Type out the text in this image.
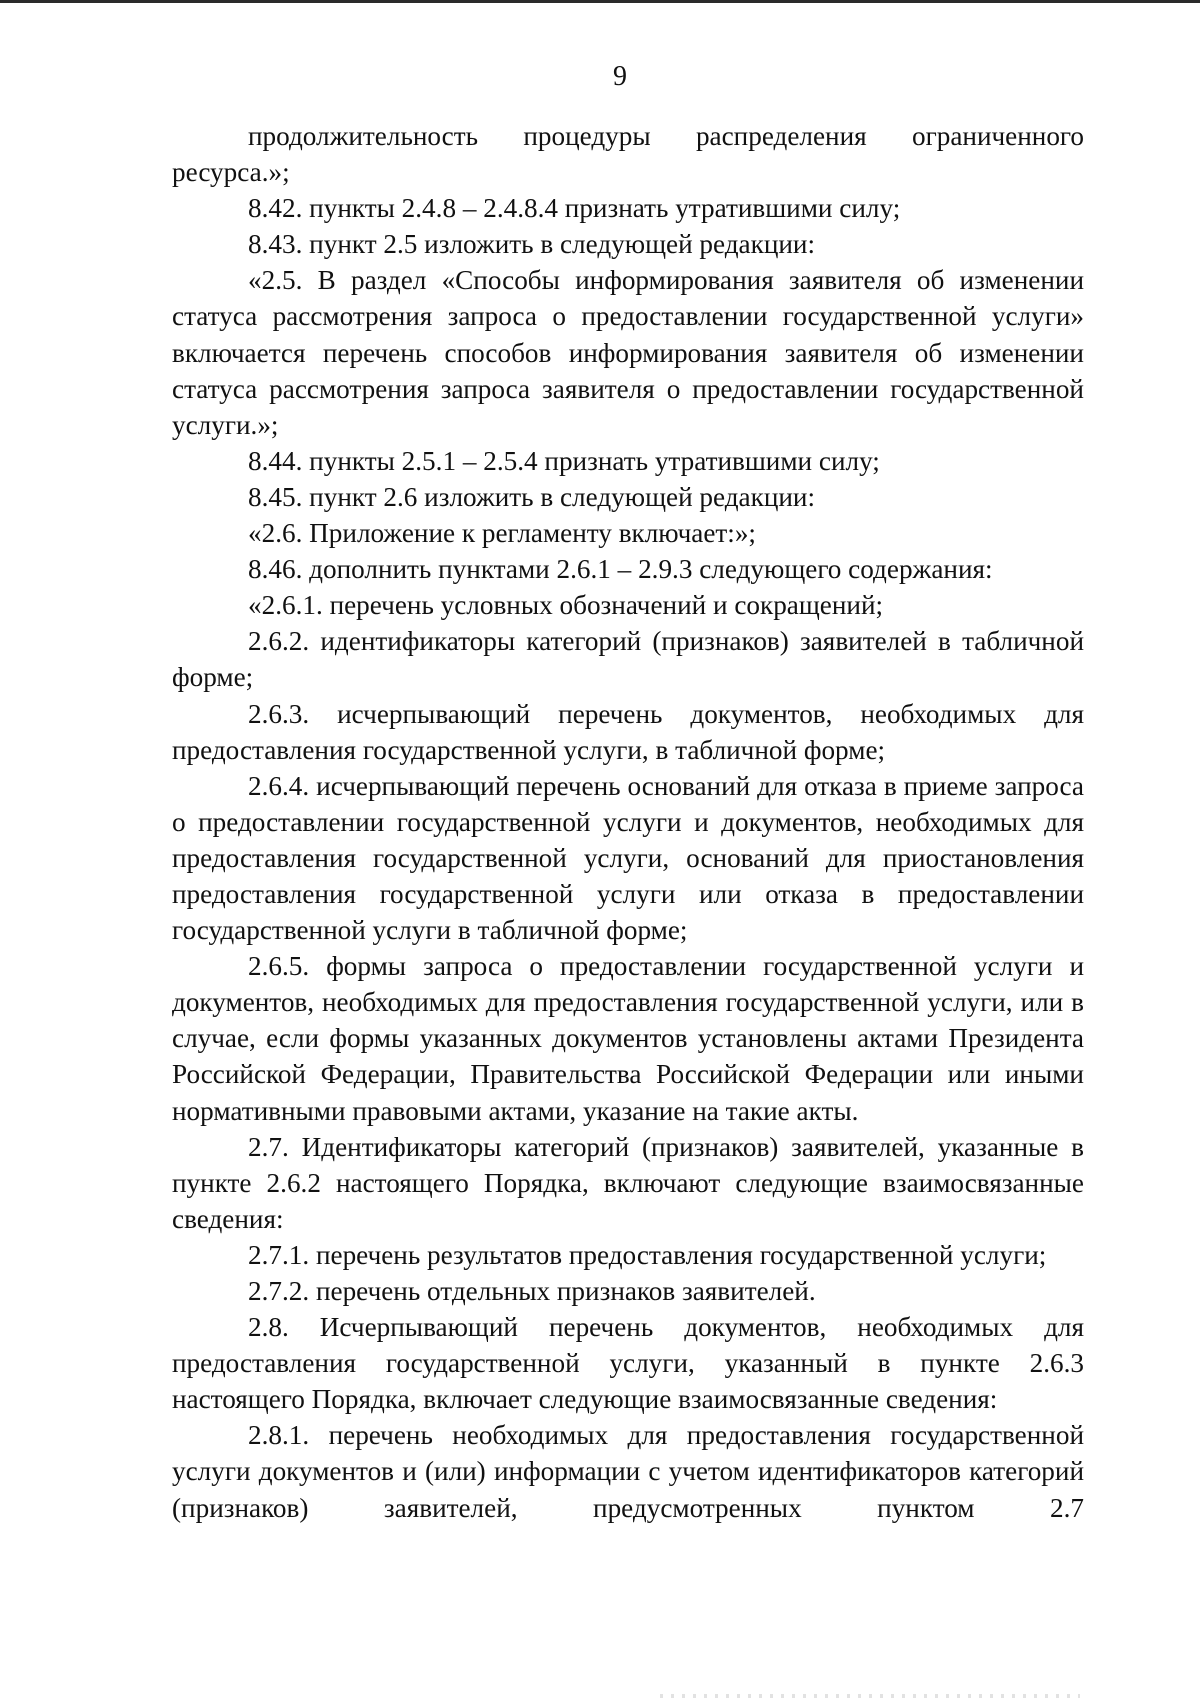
9

продолжительность процедуры распределения ограниченного ресурса.»;

8.42. пункты 2.4.8 – 2.4.8.4 признать утратившими силу;

8.43. пункт 2.5 изложить в следующей редакции:

«2.5. В раздел «Способы информирования заявителя об изменении статуса рассмотрения запроса о предоставлении государственной услуги» включается перечень способов информирования заявителя об изменении статуса рассмотрения запроса заявителя о предоставлении государственной услуги.»;

8.44. пункты 2.5.1 – 2.5.4 признать утратившими силу;

8.45. пункт 2.6 изложить в следующей редакции:

«2.6. Приложение к регламенту включает:»;

8.46. дополнить пунктами 2.6.1 – 2.9.3 следующего содержания:

«2.6.1. перечень условных обозначений и сокращений;

2.6.2. идентификаторы категорий (признаков) заявителей в табличной форме;

2.6.3. исчерпывающий перечень документов, необходимых для предоставления государственной услуги, в табличной форме;

2.6.4. исчерпывающий перечень оснований для отказа в приеме запроса о предоставлении государственной услуги и документов, необходимых для предоставления государственной услуги, оснований для приостановления предоставления государственной услуги или отказа в предоставлении государственной услуги в табличной форме;

2.6.5. формы запроса о предоставлении государственной услуги и документов, необходимых для предоставления государственной услуги, или в случае, если формы указанных документов установлены актами Президента Российской Федерации, Правительства Российской Федерации или иными нормативными правовыми актами, указание на такие акты.

2.7. Идентификаторы категорий (признаков) заявителей, указанные в пункте 2.6.2 настоящего Порядка, включают следующие взаимосвязанные сведения:

2.7.1. перечень результатов предоставления государственной услуги;

2.7.2. перечень отдельных признаков заявителей.

2.8. Исчерпывающий перечень документов, необходимых для предоставления государственной услуги, указанный в пункте 2.6.3 настоящего Порядка, включает следующие взаимосвязанные сведения:

2.8.1. перечень необходимых для предоставления государственной услуги документов и (или) информации с учетом идентификаторов категорий (признаков) заявителей, предусмотренных пунктом 2.7
